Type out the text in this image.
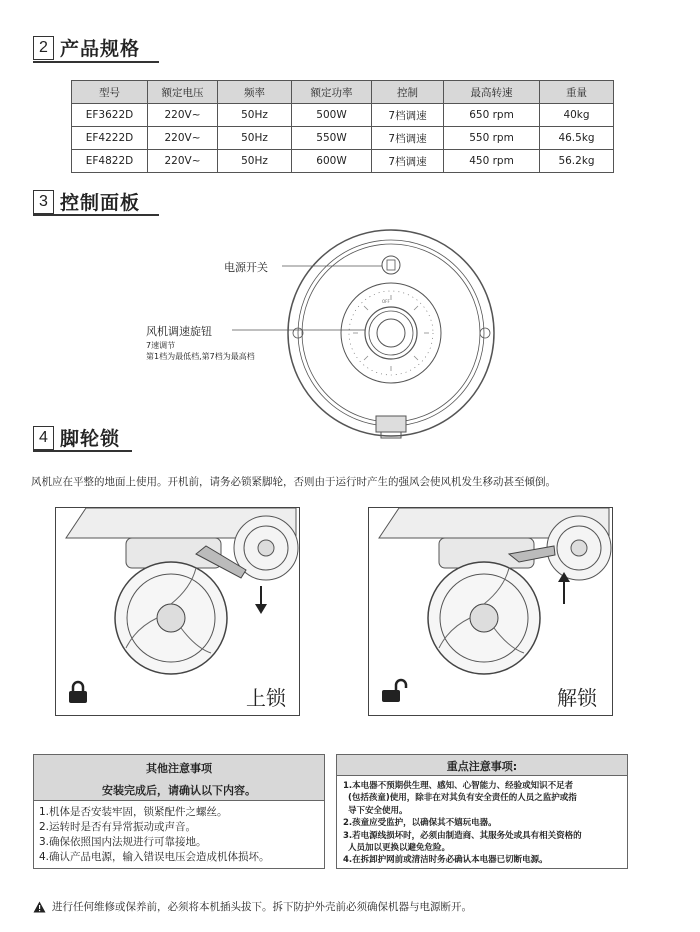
2 产品规格
型号	额定电压	频率	额定功率	控制	最高转速	重量
EF3622D	220V~	50Hz	500W	7档调速	650 rpm	40kg
EF4222D	220V~	50Hz	550W	7档调速	550 rpm	46.5kg
EF4822D	220V~	50Hz	600W	7档调速	450 rpm	56.2kg
3 控制面板
OFF
电源开关
风机调速旋钮
7速调节
第1档为最低档,第7档为最高档
4 脚轮锁
风机应在平整的地面上使用。开机前，请务必锁紧脚轮，否则由于运行时产生的强风会使风机发生移动甚至倾倒。
上锁	解锁

其他注意事项

安装完成后，请确认以下内容。

1.机体是否安装牢固，锁紧配件之螺丝。

2.运转时是否有异常振动或声音。

3.确保依照国内法规进行可靠接地。

4.确认产品电源，输入错误电压会造成机体损坏。

重点注意事项:

1.本电器不预期供生理、感知、心智能力、经验或知识不足者

(包括孩童)使用，除非在对其负有安全责任的人员之监护或指

导下安全使用。

2.孩童应受监护，以确保其不嬉玩电器。

3.若电源线损坏时，必须由制造商、其服务处或具有相关资格的

人员加以更换以避免危险。

4.在拆卸护网前或清洁时务必确认本电器已切断电源。

进行任何维修或保养前，必须将本机插头拔下。拆下防护外壳前必须确保机器与电源断开。
